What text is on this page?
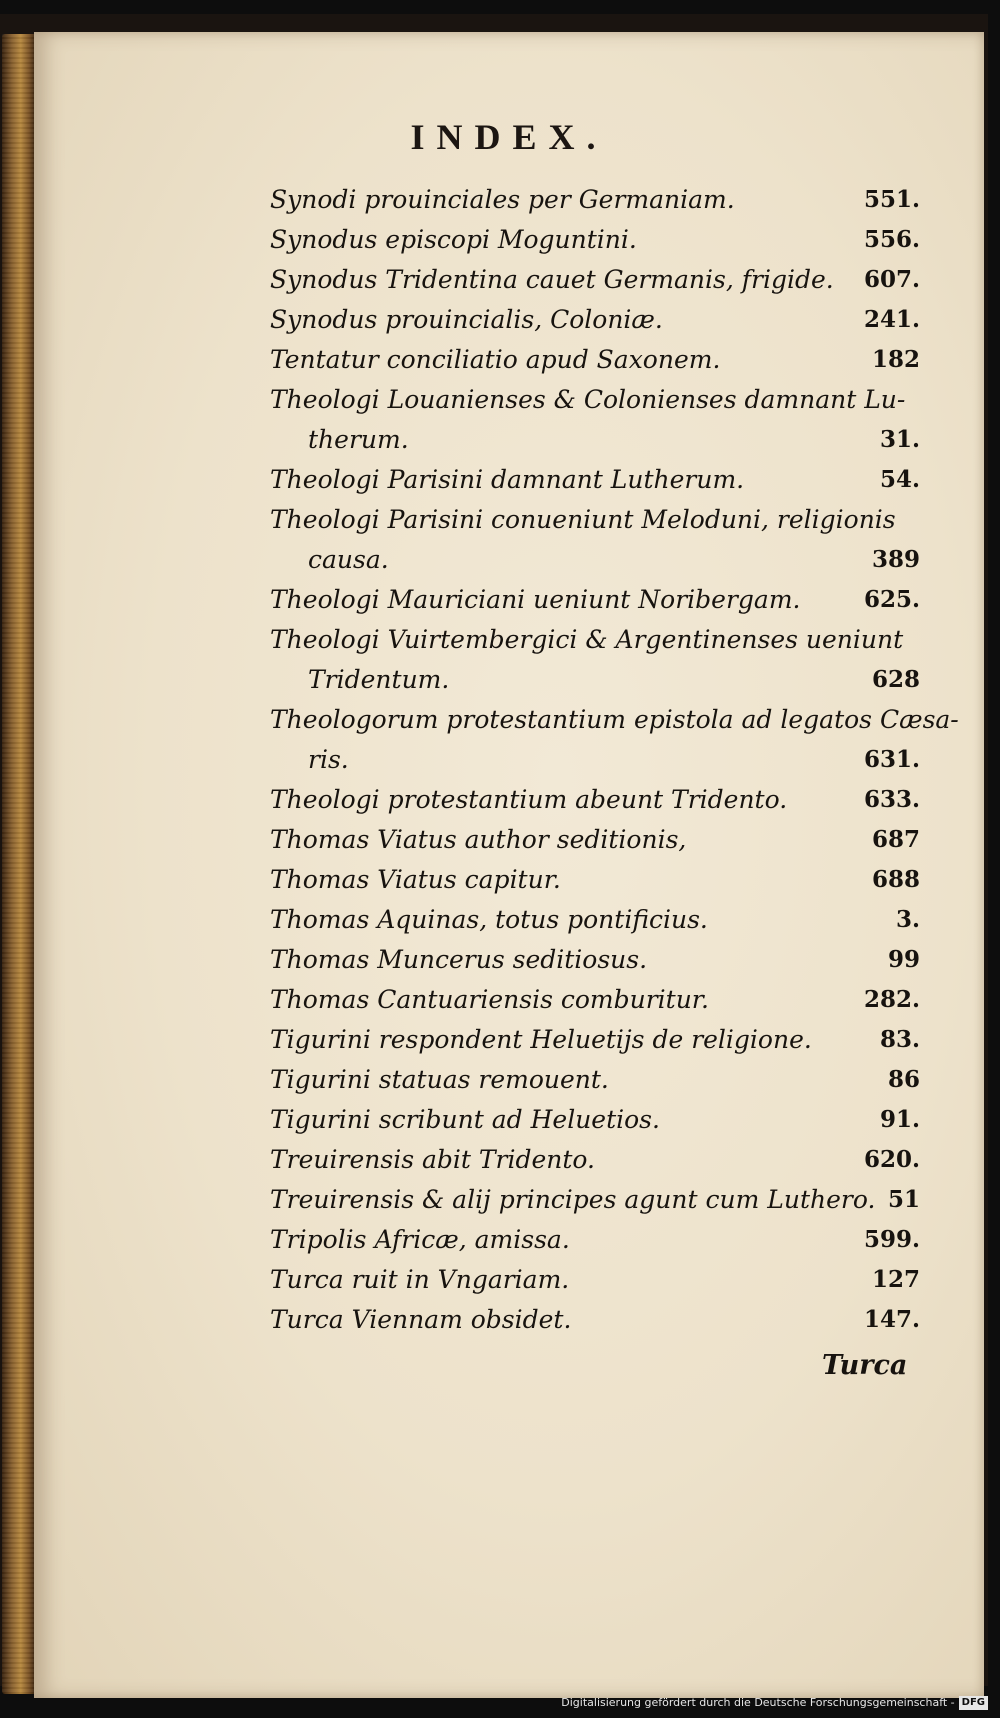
INDEX.
Synodi prouinciales per Germaniam.	551.
Synodus episcopi Moguntini.	556.
Synodus Tridentina cauet Germanis, frigide. 607.
Synodus prouincialis, Coloniæ.	241.
Tentatur conciliatio apud Saxonem.	182
Theologi Louanienses & Colonienses damnant Lu-
therum.	31.
Theologi Parisini damnant Lutherum.	54.
Theologi Parisini conueniunt Meloduni, religionis
causa.	389
Theologi Mauriciani ueniunt Noribergam.	625.
Theologi Vuirtembergici & Argentinenses ueniunt
Tridentum.	628
Theologorum protestantium epistola ad legatos Cæsa-
ris.	631.
Theologi protestantium abeunt Tridento.	633.
Thomas Viatus author seditionis,	687
Thomas Viatus capitur.	688
Thomas Aquinas, totus pontificius.	3.
Thomas Muncerus seditiosus.	99
Thomas Cantuariensis comburitur.	282.
Tigurini respondent Heluetijs de religione.	83.
Tigurini statuas remouent.	86
Tigurini scribunt ad Heluetios.	91.
Treuirensis abit Tridento.	620.
Treuirensis & alij principes agunt cum Luthero. 51
Tripolis Africæ, amissa.	599.
Turca ruit in Vngariam.	127
Turca Viennam obsidet.	147.

Turca

Digitalisierung gefördert durch die Deutsche Forschungsgemeinschaft - DFG
